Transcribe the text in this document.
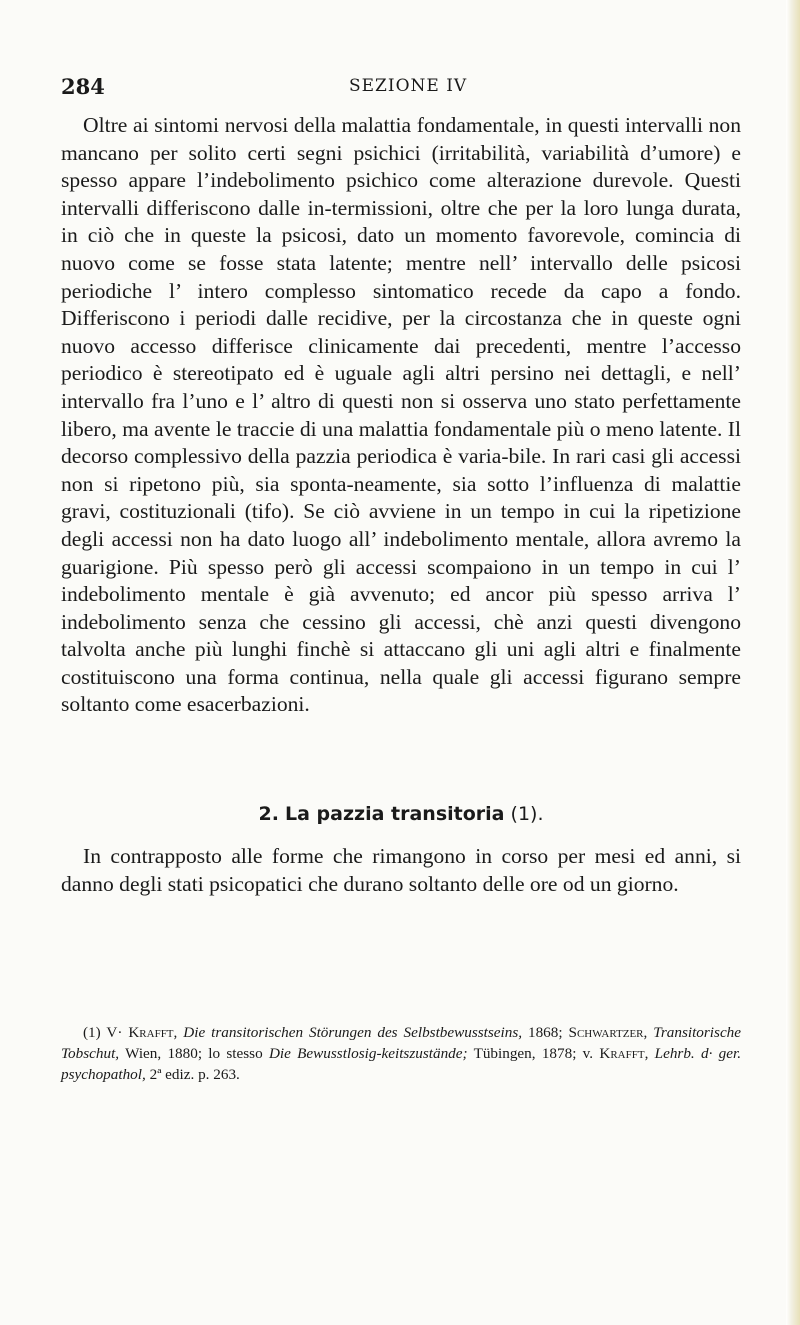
284	SEZIONE IV

Oltre ai sintomi nervosi della malattia fondamentale, in questi intervalli non mancano per solito certi segni psichici (irritabilità, variabilità d’umore) e spesso appare l’indebolimento psichico come alterazione durevole. Questi intervalli differiscono dalle in-termissioni, oltre che per la loro lunga durata, in ciò che in queste la psicosi, dato un momento favorevole, comincia di nuovo come se fosse stata latente; mentre nell’ intervallo delle psicosi periodiche l’ intero complesso sintomatico recede da capo a fondo. Differiscono i periodi dalle recidive, per la circostanza che in queste ogni nuovo accesso differisce clinicamente dai precedenti, mentre l’accesso periodico è stereotipato ed è uguale agli altri persino nei dettagli, e nell’ intervallo fra l’uno e l’ altro di questi non si osserva uno stato perfettamente libero, ma avente le traccie di una malattia fondamentale più o meno latente. Il decorso complessivo della pazzia periodica è varia-bile. In rari casi gli accessi non si ripetono più, sia sponta-neamente, sia sotto l’influenza di malattie gravi, costituzionali (tifo). Se ciò avviene in un tempo in cui la ripetizione degli accessi non ha dato luogo all’ indebolimento mentale, allora avremo la guarigione. Più spesso però gli accessi scompaiono in un tempo in cui l’ indebolimento mentale è già avvenuto; ed ancor più spesso arriva l’ indebolimento senza che cessino gli accessi, chè anzi questi divengono talvolta anche più lunghi finchè si attaccano gli uni agli altri e finalmente costituiscono una forma continua, nella quale gli accessi figurano sempre soltanto come esacerbazioni.

2. La pazzia transitoria (1).

In contrapposto alle forme che rimangono in corso per mesi ed anni, si danno degli stati psicopatici che durano soltanto delle ore od un giorno.

(1) V· Krafft, Die transitorischen Störungen des Selbstbewusstseins, 1868; Schwartzer, Transitorische Tobschut, Wien, 1880; lo stesso Die Bewusstlosig-keitszustände; Tübingen, 1878; v. Krafft, Lehrb. d· ger. psychopathol, 2ª ediz. p. 263.
